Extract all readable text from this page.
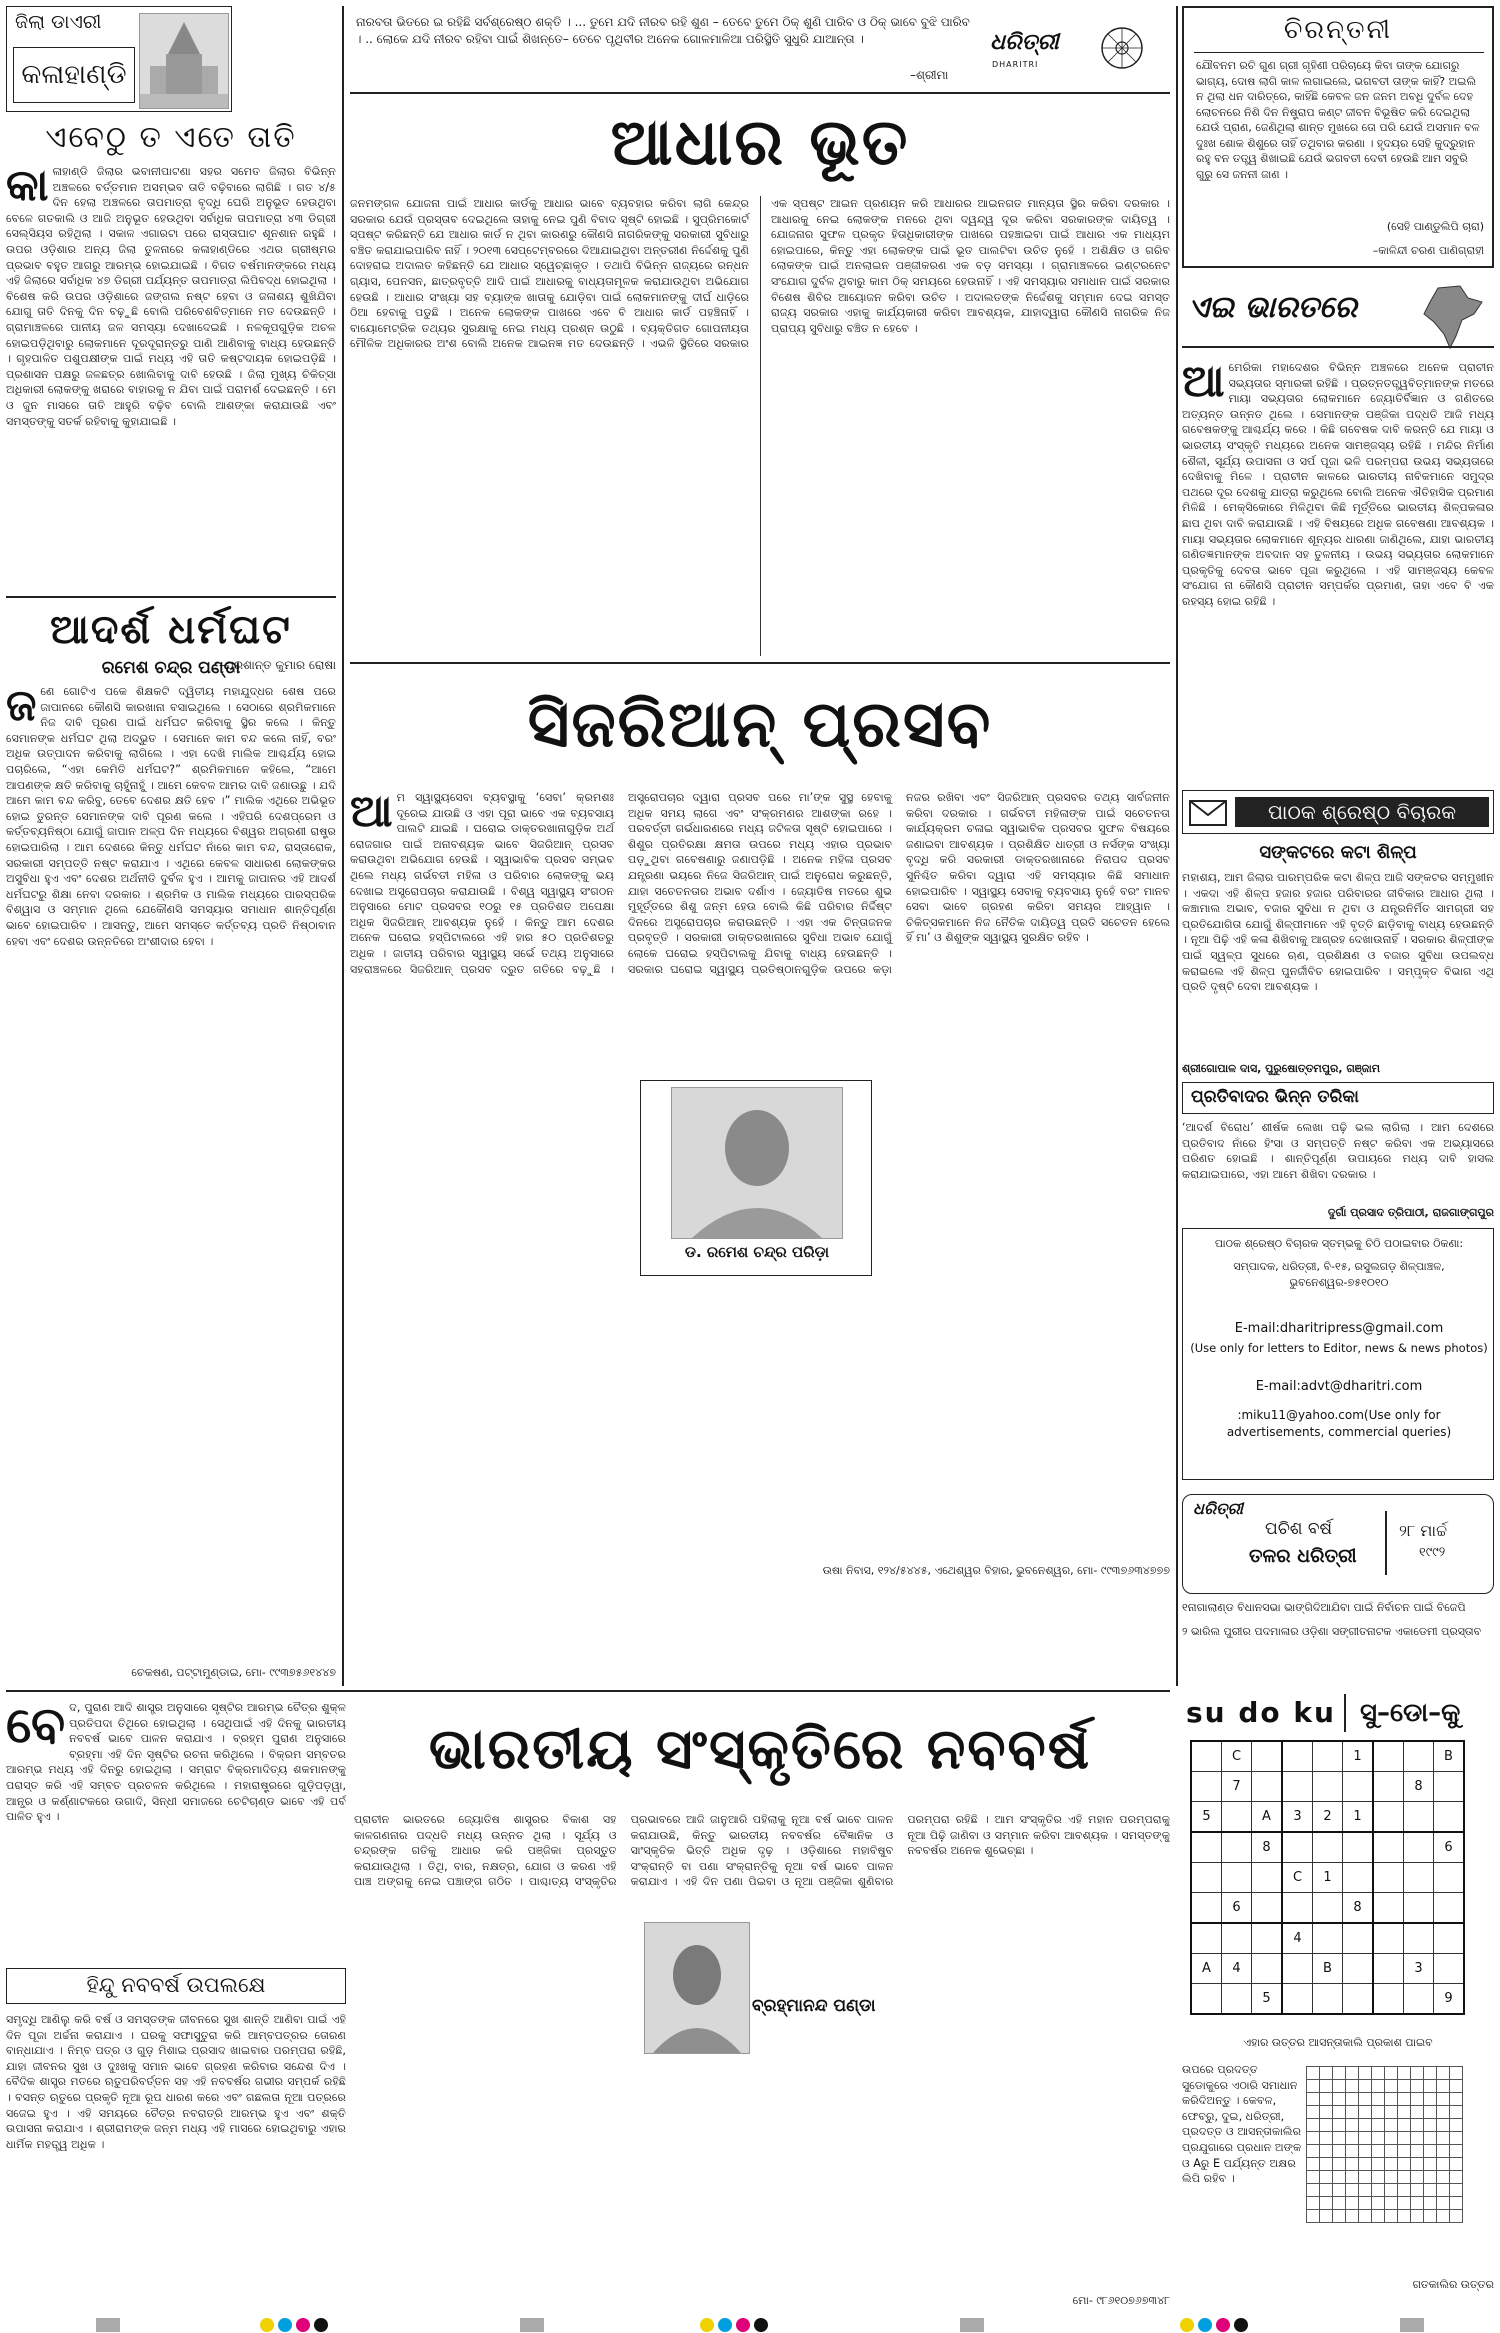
ଜିଲା ଡାଏରୀ
କଳାହାଣ୍ଡି
ଏବେଠୁ ତ ଏତେ ତାତି
କାଳାହାଣ୍ଡି ଜିଲାର ଭବାନୀପାଟଣା ସହର ସମେତ ଜିଲାର ବିଭିନ୍ନ ଅଞ୍ଚଳରେ ବର୍ତ୍ତମାନ ଅସମ୍ଭବ ତାତି ବଢ଼ିବାରେ ଲାଗିଛି । ଗତ ୪/୫ ଦିନ ହେଲା ଅଞ୍ଚଳରେ ତାପମାତ୍ରା ବୃଦ୍ଧି ଘେରି ଅନୁଭୂତ ହେଉଥିବା ବେଳେ ଗତକାଲି ଓ ଆଜି ଅନୁଭୂତ ହେଉଥିବା ସର୍ବାଧିକ ତାପମାତ୍ରା ୪୩ ଡିଗ୍ରୀ ସେଲ୍ସିୟସ ରହିଥିଲା । ସକାଳ ଏଗାରଟା ପରେ ରାସ୍ତାଘାଟ ଶୂନଶାନ ରହୁଛି । ଉପର ଓଡ଼ିଶାର ଅନ୍ୟ ଜିଲା ତୁଳନାରେ କଳାହାଣ୍ଡିରେ ଏଥର ଗ୍ରୀଷ୍ମର ପ୍ରଭାବ ବହୁତ ଆଗରୁ ଆରମ୍ଭ ହୋଇଯାଇଛି । ବିଗତ ବର୍ଷମାନଙ୍କରେ ମଧ୍ୟ ଏହି ଜିଲାରେ ସର୍ବାଧିକ ୪୭ ଡିଗ୍ରୀ ପର୍ଯ୍ୟନ୍ତ ତାପମାତ୍ରା ଲିପିବଦ୍ଧ ହୋଇଥିଲା । ବିଶେଷ କରି ଉପର ଓଡ଼ିଶାରେ ଜଙ୍ଗଲ ନଷ୍ଟ ହେବା ଓ ଜଳାଶୟ ଶୁଖିଯିବା ଯୋଗୁ ତାତି ଦିନକୁ ଦିନ ବଢ଼ୁଛି ବୋଲି ପରିବେଶବିତ୍ମାନେ ମତ ଦେଉଛନ୍ତି । ଗ୍ରାମାଞ୍ଚଳରେ ପାନୀୟ ଜଳ ସମସ୍ୟା ଦେଖାଦେଇଛି । ନଳକୂପଗୁଡ଼ିକ ଅଚଳ ହୋଇପଡ଼ିଥିବାରୁ ଲୋକମାନେ ଦୂରଦୂରାନ୍ତରୁ ପାଣି ଆଣିବାକୁ ବାଧ୍ୟ ହେଉଛନ୍ତି । ଗୃହପାଳିତ ପଶୁପକ୍ଷୀଙ୍କ ପାଇଁ ମଧ୍ୟ ଏହି ତାତି କଷ୍ଟଦାୟକ ହୋଇପଡ଼ିଛି । ପ୍ରଶାସନ ପକ୍ଷରୁ ଜଳଛତ୍ର ଖୋଲିବାକୁ ଦାବି ହେଉଛି । ଜିଲା ମୁଖ୍ୟ ଚିକିତ୍ସା ଅଧିକାରୀ ଲୋକଙ୍କୁ ଖରାରେ ବାହାରକୁ ନ ଯିବା ପାଇଁ ପରାମର୍ଶ ଦେଇଛନ୍ତି । ମେ ଓ ଜୁନ ମାସରେ ତାତି ଆହୁରି ବଢ଼ିବ ବୋଲି ଆଶଙ୍କା କରାଯାଉଛି ଏବଂ ସମସ୍ତଙ୍କୁ ସତର୍କ ରହିବାକୁ କୁହାଯାଇଛି ।
–ପ୍ରଶାନ୍ତ କୁମାର ରୋଷା
ଆଦର୍ଶ ଧର୍ମଘଟ
ରମେଶ ଚନ୍ଦ୍ର ପଣ୍ଡା
ଜଣେ ଗୋଟିଏ ପକେ ଶିକ୍ଷକଟି ଦ୍ୱିତୀୟ ମହାଯୁଦ୍ଧର ଶେଷ ପରେ ଜାପାନରେ କୌଣସି କାରଖାନା ବସାଇଥିଲେ । ସେଠାରେ ଶ୍ରମିକମାନେ ନିଜ ଦାବି ପୂରଣ ପାଇଁ ଧର୍ମଘଟ କରିବାକୁ ସ୍ଥିର କଲେ । କିନ୍ତୁ ସେମାନଙ୍କ ଧର୍ମଘଟ ଥିଲା ଅଦ୍ଭୁତ । ସେମାନେ କାମ ବନ୍ଦ କଲେ ନାହିଁ, ବରଂ ଅଧିକ ଉତ୍ପାଦନ କରିବାକୁ ଲାଗିଲେ । ଏହା ଦେଖି ମାଲିକ ଆଶ୍ଚର୍ଯ୍ୟ ହୋଇ ପଚାରିଲେ, “ଏହା କେମିତି ଧର୍ମଘଟ?” ଶ୍ରମିକମାନେ କହିଲେ, “ଆମେ ଆପଣଙ୍କ କ୍ଷତି କରିବାକୁ ଚାହୁଁନାହୁଁ । ଆମେ କେବଳ ଆମର ଦାବି ଜଣାଉଛୁ । ଯଦି ଆମେ କାମ ବନ୍ଦ କରିବୁ, ତେବେ ଦେଶର କ୍ଷତି ହେବ ।” ମାଲିକ ଏଥିରେ ଅଭିଭୂତ ହୋଇ ତୁରନ୍ତ ସେମାନଙ୍କ ଦାବି ପୂରଣ କଲେ । ଏହିପରି ଦେଶପ୍ରେମ ଓ କର୍ତ୍ତବ୍ୟନିଷ୍ଠା ଯୋଗୁଁ ଜାପାନ ଅଳ୍ପ ଦିନ ମଧ୍ୟରେ ବିଶ୍ୱର ଅଗ୍ରଣୀ ରାଷ୍ଟ୍ର ହୋଇପାରିଲା । ଆମ ଦେଶରେ କିନ୍ତୁ ଧର୍ମଘଟ ନାଁରେ କାମ ବନ୍ଦ, ରାସ୍ତାରୋକ, ସରକାରୀ ସମ୍ପତ୍ତି ନଷ୍ଟ କରାଯାଏ । ଏଥିରେ କେବଳ ସାଧାରଣ ଲୋକଙ୍କର ଅସୁବିଧା ହୁଏ ଏବଂ ଦେଶର ଅର୍ଥନୀତି ଦୁର୍ବଳ ହୁଏ । ଆମକୁ ଜାପାନର ଏହି ଆଦର୍ଶ ଧର୍ମଘଟରୁ ଶିକ୍ଷା ନେବା ଦରକାର । ଶ୍ରମିକ ଓ ମାଲିକ ମଧ୍ୟରେ ପାରସ୍ପରିକ ବିଶ୍ୱାସ ଓ ସମ୍ମାନ ଥିଲେ ଯେକୌଣସି ସମସ୍ୟାର ସମାଧାନ ଶାନ୍ତିପୂର୍ଣ୍ଣ ଭାବେ ହୋଇପାରିବ । ଆସନ୍ତୁ, ଆମେ ସମସ୍ତେ କର୍ତ୍ତବ୍ୟ ପ୍ରତି ନିଷ୍ଠାବାନ ହେବା ଏବଂ ଦେଶର ଉନ୍ନତିରେ ଅଂଶୀଦାର ହେବା ।
ଚେକଷଣ, ପଟ୍ଟାମୁଣ୍ଡାଇ, ମୋ- ୯୯୩୭୫୬୧୪୪୭
ନାରବତା ଭିତରେ ଇ ରହିଛି ସର୍ବଶ୍ରେଷ୍ଠ ଶକ୍ତି । ... ତୁମେ ଯଦି ନୀରବ ରହି ଶୁଣ – ତେବେ ତୁମେ ଠିକ୍ ଶୁଣି ପାରିବ ଓ ଠିକ୍ ଭାବେ ବୁଝି ପାରିବ । .. ଲୋକେ ଯଦି ନୀରବ ରହିବା ପାଇଁ ଶିଖନ୍ତେ– ତେବେ ପୃଥିବୀର ଅନେକ ଗୋଳମାଳିଆ ପରିସ୍ଥିତି ସୁଧୁରି ଯାଆନ୍ତା ।
–ଶ୍ରୀମା
ଧରିତ୍ରୀ
DHARITRI
ଆଧାର ଭୂତ
ଜନମଙ୍ଗଳ ଯୋଜନା ପାଇଁ ଆଧାର କାର୍ଡକୁ ଆଧାର ଭାବେ ବ୍ୟବହାର କରିବା ଲାଗି କେନ୍ଦ୍ର ସରକାର ଯେଉଁ ପ୍ରସ୍ତାବ ଦେଇଥିଲେ ତାହାକୁ ନେଇ ପୁଣି ବିବାଦ ସୃଷ୍ଟି ହୋଇଛି । ସୁପ୍ରିମକୋର୍ଟ ସ୍ପଷ୍ଟ କରିଛନ୍ତି ଯେ ଆଧାର କାର୍ଡ ନ ଥିବା କାରଣରୁ କୌଣସି ନାଗରିକଙ୍କୁ ସରକାରୀ ସୁବିଧାରୁ ବଞ୍ଚିତ କରାଯାଇପାରିବ ନାହିଁ । ୨୦୧୩ ସେପ୍ଟେମ୍ବରରେ ଦିଆଯାଇଥିବା ଅନ୍ତରୀଣ ନିର୍ଦ୍ଦେଶକୁ ପୁଣି ଦୋହରାଇ ଅଦାଲତ କହିଛନ୍ତି ଯେ ଆଧାର ସ୍ୱେଚ୍ଛାକୃତ । ତଥାପି ବିଭିନ୍ନ ରାଜ୍ୟରେ ରନ୍ଧନ ଗ୍ୟାସ, ପେନସନ, ଛାତ୍ରବୃତ୍ତି ଆଦି ପାଇଁ ଆଧାରକୁ ବାଧ୍ୟତାମୂଳକ କରାଯାଉଥିବା ଅଭିଯୋଗ ହେଉଛି । ଆଧାର ସଂଖ୍ୟା ସହ ବ୍ୟାଙ୍କ ଖାତାକୁ ଯୋଡ଼ିବା ପାଇଁ ଲୋକମାନଙ୍କୁ ଦୀର୍ଘ ଧାଡ଼ିରେ ଠିଆ ହେବାକୁ ପଡୁଛି । ଅନେକ ଲୋକଙ୍କ ପାଖରେ ଏବେ ବି ଆଧାର କାର୍ଡ ପହଞ୍ଚିନାହିଁ । ବାୟୋମେଟ୍ରିକ ତଥ୍ୟର ସୁରକ୍ଷାକୁ ନେଇ ମଧ୍ୟ ପ୍ରଶ୍ନ ଉଠୁଛି । ବ୍ୟକ୍ତିଗତ ଗୋପନୀୟତା ମୌଳିକ ଅଧିକାରର ଅଂଶ ବୋଲି ଅନେକ ଆଇନଜ୍ଞ ମତ ଦେଉଛନ୍ତି । ଏଭଳି ସ୍ଥିତିରେ ସରକାର ଏକ ସ୍ପଷ୍ଟ ଆଇନ ପ୍ରଣୟନ କରି ଆଧାରର ଆଇନଗତ ମାନ୍ୟତା ସ୍ଥିର କରିବା ଦରକାର । ଆଧାରକୁ ନେଇ ଲୋକଙ୍କ ମନରେ ଥିବା ଦ୍ୱନ୍ଦ୍ୱ ଦୂର କରିବା ସରକାରଙ୍କ ଦାୟିତ୍ୱ । ଯୋଜନାର ସୁଫଳ ପ୍ରକୃତ ହିତାଧିକାରୀଙ୍କ ପାଖରେ ପହଞ୍ଚାଇବା ପାଇଁ ଆଧାର ଏକ ମାଧ୍ୟମ ହୋଇପାରେ, କିନ୍ତୁ ଏହା ଲୋକଙ୍କ ପାଇଁ ଭୂତ ପାଲଟିବା ଉଚିତ ନୁହେଁ । ଅଶିକ୍ଷିତ ଓ ଗରିବ ଲୋକଙ୍କ ପାଇଁ ଅନଲାଇନ ପଞ୍ଜୀକରଣ ଏକ ବଡ଼ ସମସ୍ୟା । ଗ୍ରାମାଞ୍ଚଳରେ ଇଣ୍ଟରନେଟ ସଂଯୋଗ ଦୁର୍ବଳ ଥିବାରୁ କାମ ଠିକ୍ ସମୟରେ ହେଉନାହିଁ । ଏହି ସମସ୍ୟାର ସମାଧାନ ପାଇଁ ସରକାର ବିଶେଷ ଶିବିର ଆୟୋଜନ କରିବା ଉଚିତ । ଅଦାଲତଙ୍କ ନିର୍ଦ୍ଦେଶକୁ ସମ୍ମାନ ଦେଇ ସମସ୍ତ ରାଜ୍ୟ ସରକାର ଏହାକୁ କାର୍ଯ୍ୟକାରୀ କରିବା ଆବଶ୍ୟକ, ଯାହାଦ୍ୱାରା କୌଣସି ନାଗରିକ ନିଜ ପ୍ରାପ୍ୟ ସୁବିଧାରୁ ବଞ୍ଚିତ ନ ହେବେ ।
ସିଜରିଆନ୍ ପ୍ରସବ
ଆମ ସ୍ୱାସ୍ଥ୍ୟସେବା ବ୍ୟବସ୍ଥାକୁ ‘ସେବା’ କ୍ରମଶଃ ଦୂରେଇ ଯାଉଛି ଓ ଏହା ପୂରା ଭାବେ ଏକ ବ୍ୟବସାୟ ପାଲଟି ଯାଇଛି । ଘରୋଇ ଡାକ୍ତରଖାନାଗୁଡ଼ିକ ଅର୍ଥ ରୋଜଗାର ପାଇଁ ଅନାବଶ୍ୟକ ଭାବେ ସିଜରିଆନ୍ ପ୍ରସବ କରାଉଥିବା ଅଭିଯୋଗ ହେଉଛି । ସ୍ୱାଭାବିକ ପ୍ରସବ ସମ୍ଭବ ଥିଲେ ମଧ୍ୟ ଗର୍ଭବତୀ ମହିଳା ଓ ପରିବାର ଲୋକଙ୍କୁ ଭୟ ଦେଖାଇ ଅସ୍ତ୍ରୋପଚାର କରାଯାଉଛି । ବିଶ୍ୱ ସ୍ୱାସ୍ଥ୍ୟ ସଂଗଠନ ଅନୁସାରେ ମୋଟ ପ୍ରସବର ୧୦ରୁ ୧୫ ପ୍ରତିଶତ ଅପେକ୍ଷା ଅଧିକ ସିଜରିଆନ୍ ଆବଶ୍ୟକ ନୁହେଁ । କିନ୍ତୁ ଆମ ଦେଶର ଅନେକ ଘରୋଇ ହସ୍ପିଟାଲରେ ଏହି ହାର ୫୦ ପ୍ରତିଶତରୁ ଅଧିକ । ଜାତୀୟ ପରିବାର ସ୍ୱାସ୍ଥ୍ୟ ସର୍ଭେ ତଥ୍ୟ ଅନୁସାରେ ସହରାଞ୍ଚଳରେ ସିଜରିଆନ୍ ପ୍ରସବ ଦ୍ରୁତ ଗତିରେ ବଢ଼ୁଛି । ଅସ୍ତ୍ରୋପଚାର ଦ୍ୱାରା ପ୍ରସବ ପରେ ମା’ଙ୍କ ସୁସ୍ଥ ହେବାକୁ ଅଧିକ ସମୟ ଲାଗେ ଏବଂ ସଂକ୍ରମଣର ଆଶଙ୍କା ରହେ । ପରବର୍ତ୍ତୀ ଗର୍ଭଧାରଣରେ ମଧ୍ୟ ଜଟିଳତା ସୃଷ୍ଟି ହୋଇପାରେ । ଶିଶୁର ପ୍ରତିରକ୍ଷା କ୍ଷମତା ଉପରେ ମଧ୍ୟ ଏହାର ପ୍ରଭାବ ପଡ଼ୁଥିବା ଗବେଷଣାରୁ ଜଣାପଡ଼ିଛି । ଅନେକ ମହିଳା ପ୍ରସବ ଯନ୍ତ୍ରଣା ଭୟରେ ନିଜେ ସିଜରିଆନ୍ ପାଇଁ ଅନୁରୋଧ କରୁଛନ୍ତି, ଯାହା ସଚେତନତାର ଅଭାବ ଦର୍ଶାଏ । ଜ୍ୟୋତିଷ ମତରେ ଶୁଭ ମୁହୂର୍ତ୍ତରେ ଶିଶୁ ଜନ୍ମ ହେଉ ବୋଲି କିଛି ପରିବାର ନିର୍ଦ୍ଦିଷ୍ଟ ଦିନରେ ଅସ୍ତ୍ରୋପଚାର କରାଉଛନ୍ତି । ଏହା ଏକ ଚିନ୍ତାଜନକ ପ୍ରବୃତ୍ତି । ସରକାରୀ ଡାକ୍ତରଖାନାରେ ସୁବିଧା ଅଭାବ ଯୋଗୁଁ ଲୋକେ ଘରୋଇ ହସ୍ପିଟାଲକୁ ଯିବାକୁ ବାଧ୍ୟ ହେଉଛନ୍ତି । ସରକାର ଘରୋଇ ସ୍ୱାସ୍ଥ୍ୟ ପ୍ରତିଷ୍ଠାନଗୁଡ଼ିକ ଉପରେ କଡ଼ା ନଜର ରଖିବା ଏବଂ ସିଜରିଆନ୍ ପ୍ରସବର ତଥ୍ୟ ସାର୍ବଜନୀନ କରିବା ଦରକାର । ଗର୍ଭବତୀ ମହିଳାଙ୍କ ପାଇଁ ସଚେତନତା କାର୍ଯ୍ୟକ୍ରମ ଚଳାଇ ସ୍ୱାଭାବିକ ପ୍ରସବର ସୁଫଳ ବିଷୟରେ ଜଣାଇବା ଆବଶ୍ୟକ । ପ୍ରଶିକ୍ଷିତ ଧାତ୍ରୀ ଓ ନର୍ସଙ୍କ ସଂଖ୍ୟା ବୃଦ୍ଧି କରି ସରକାରୀ ଡାକ୍ତରଖାନାରେ ନିରାପଦ ପ୍ରସବ ସୁନିଶ୍ଚିତ କରିବା ଦ୍ୱାରା ଏହି ସମସ୍ୟାର କିଛି ସମାଧାନ ହୋଇପାରିବ । ସ୍ୱାସ୍ଥ୍ୟ ସେବାକୁ ବ୍ୟବସାୟ ନୁହେଁ ବରଂ ମାନବ ସେବା ଭାବେ ଗ୍ରହଣ କରିବା ସମୟର ଆହ୍ୱାନ । ଚିକିତ୍ସକମାନେ ନିଜ ନୈତିକ ଦାୟିତ୍ୱ ପ୍ରତି ସଚେତନ ହେଲେ ହିଁ ମା’ ଓ ଶିଶୁଙ୍କ ସ୍ୱାସ୍ଥ୍ୟ ସୁରକ୍ଷିତ ରହିବ ।
ଡ. ରମେଶ ଚନ୍ଦ୍ର ପରିଡ଼ା
ଉଷା ନିବାସ, ୧୨୪/୫୪୪୫, ଏଥେଶ୍ୱର ବିହାର, ଭୁବନେଶ୍ୱର, ମୋ- ୯୯୩୭୬୩୪୭୭୭
ବେଦ, ପୁରାଣ ଆଦି ଶାସ୍ତ୍ର ଅନୁସାରେ ସୃଷ୍ଟିର ଆରମ୍ଭ ଚୈତ୍ର ଶୁକ୍ଳ ପ୍ରତିପଦା ତିଥିରେ ହୋଇଥିଲା । ସେଥିପାଇଁ ଏହି ଦିନକୁ ଭାରତୀୟ ନବବର୍ଷ ଭାବେ ପାଳନ କରାଯାଏ । ବ୍ରହ୍ମ ପୁରାଣ ଅନୁସାରେ ବ୍ରହ୍ମା ଏହି ଦିନ ସୃଷ୍ଟିର ରଚନା କରିଥିଲେ । ବିକ୍ରମ ସମ୍ବତର ଆରମ୍ଭ ମଧ୍ୟ ଏହି ଦିନରୁ ହୋଇଥିଲା । ସମ୍ରାଟ ବିକ୍ରମାଦିତ୍ୟ ଶକମାନଙ୍କୁ ପରାସ୍ତ କରି ଏହି ସମ୍ବତ ପ୍ରଚଳନ କରିଥିଲେ । ମହାରାଷ୍ଟ୍ରରେ ଗୁଡ଼ିପଡ଼ୱା, ଆନ୍ଧ୍ର ଓ କର୍ଣ୍ଣାଟକରେ ଉଗାଦି, ସିନ୍ଧୀ ସମାଜରେ ଚେଟିଚାଣ୍ଡ ଭାବେ ଏହି ପର୍ବ ପାଳିତ ହୁଏ ।
ଭାରତୀୟ ସଂସ୍କୃତିରେ ନବବର୍ଷ
ହିନ୍ଦୁ ନବବର୍ଷ ଉପଲକ୍ଷେ
ସମୃଦ୍ଧି ଆଣିଲୁ କରି ବର୍ଷ ଓ ସମସ୍ତଙ୍କ ଜୀବନରେ ସୁଖ ଶାନ୍ତି ଆଣିବା ପାଇଁ ଏହି ଦିନ ପୂଜା ଅର୍ଚ୍ଚନା କରାଯାଏ । ଘରକୁ ସଫାସୁତୁରା କରି ଆମ୍ବପତ୍ରର ତୋରଣ ବାନ୍ଧାଯାଏ । ନିମ୍ବ ପତ୍ର ଓ ଗୁଡ଼ ମିଶାଇ ପ୍ରସାଦ ଖାଇବାର ପରମ୍ପରା ରହିଛି, ଯାହା ଜୀବନର ସୁଖ ଓ ଦୁଃଖକୁ ସମାନ ଭାବେ ଗ୍ରହଣ କରିବାର ସନ୍ଦେଶ ଦିଏ । ବୈଦିକ ଶାସ୍ତ୍ର ମତରେ ଋତୁପରିବର୍ତ୍ତନ ସହ ଏହି ନବବର୍ଷର ଗଭୀର ସମ୍ପର୍କ ରହିଛି । ବସନ୍ତ ଋତୁରେ ପ୍ରକୃତି ନୂଆ ରୂପ ଧାରଣ କରେ ଏବଂ ଗଛଲତା ନୂଆ ପତ୍ରରେ ସଜେଇ ହୁଏ । ଏହି ସମୟରେ ଚୈତ୍ର ନବରାତ୍ରି ଆରମ୍ଭ ହୁଏ ଏବଂ ଶକ୍ତି ଉପାସନା କରାଯାଏ । ଶ୍ରୀରାମଙ୍କ ଜନ୍ମ ମଧ୍ୟ ଏହି ମାସରେ ହୋଇଥିବାରୁ ଏହାର ଧାର୍ମିକ ମହତ୍ତ୍ୱ ଅଧିକ ।
ପ୍ରାଚୀନ ଭାରତରେ ଜ୍ୟୋତିଷ ଶାସ୍ତ୍ରର ବିକାଶ ସହ କାଳଗଣନାର ପଦ୍ଧତି ମଧ୍ୟ ଉନ୍ନତ ଥିଲା । ସୂର୍ଯ୍ୟ ଓ ଚନ୍ଦ୍ରଙ୍କ ଗତିକୁ ଆଧାର କରି ପଞ୍ଜିକା ପ୍ରସ୍ତୁତ କରାଯାଉଥିଲା । ତିଥି, ବାର, ନକ୍ଷତ୍ର, ଯୋଗ ଓ କରଣ ଏହି ପାଞ୍ଚ ଅଙ୍ଗକୁ ନେଇ ପଞ୍ଚାଙ୍ଗ ଗଠିତ । ପାଶ୍ଚାତ୍ୟ ସଂସ୍କୃତିର ପ୍ରଭାବରେ ଆଜି ଜାନୁଆରି ପହିଲାକୁ ନୂଆ ବର୍ଷ ଭାବେ ପାଳନ କରାଯାଉଛି, କିନ୍ତୁ ଭାରତୀୟ ନବବର୍ଷର ବୈଜ୍ଞାନିକ ଓ ସାଂସ୍କୃତିକ ଭିତ୍ତି ଅଧିକ ଦୃଢ଼ । ଓଡ଼ିଶାରେ ମହାବିଷୁବ ସଂକ୍ରାନ୍ତି ବା ପଣା ସଂକ୍ରାନ୍ତିକୁ ନୂଆ ବର୍ଷ ଭାବେ ପାଳନ କରାଯାଏ । ଏହି ଦିନ ପଣା ପିଇବା ଓ ନୂଆ ପଞ୍ଜିକା ଶୁଣିବାର ପରମ୍ପରା ରହିଛି । ଆମ ସଂସ୍କୃତିର ଏହି ମହାନ ପରମ୍ପରାକୁ ନୂଆ ପିଢ଼ି ଜାଣିବା ଓ ସମ୍ମାନ କରିବା ଆବଶ୍ୟକ । ସମସ୍ତଙ୍କୁ ନବବର୍ଷର ଅନେକ ଶୁଭେଚ୍ଛା ।
ବ୍ରହ୍ମାନନ୍ଦ ପଣ୍ଡା
ମୋ- ୯୮୬୧୦୭୬୭୩୪୮
ଚିରନ୍ତନୀ
ଯୌବନମ ରଚି ଗୁଣ ଗ୍ରୀ ଗୃହିଣୀ ପରିଚାୟେ କିବା ତାଙ୍କ ଯୋଗରୁ ଭାଗ୍ୟ, ଦୋଷ ଲାଗି କାଳ ଲଗାଇଲେ, ଭଗବତୀ ତାଙ୍କ କାହିଁ? ଅଇଲି ନ ଥିଲା ଧନ ଦାରିତ୍ରେ, କାହିଁଛି କେବଳ ଜନ ଜନମ ଅବଧି ଦୁର୍ବଳ ଦେହ ଲୋଚନରେ ନିଶି ଦିନ ନିଷ୍ଟ୍ରାପ କଣ୍ଟ ଜୀବନ ବିଭୂଷିତ କରି ଦେଇଥିଲା ଯେଉଁ ପ୍ରାଣ, ଜେଣିଥିଲା ଶାନ୍ତ ମୁଖରେ ତୋ ପରି ଯେଉଁ ଅସମାନ ବଳ ଦୁଃଖ ଶୋକ ଶିଶୁରେ ତାହିଁ ତଥିବାର କରଣା । ହୃଦୟର ସେହି କୁଦ୍ରୁହାନ ରହୁ ବନ ତତ୍ତ୍ୱ ଶିଖାଇଛି ଯେଉଁ ଭଗବତୀ ଦେବୀ ହେଉଛି ଆମ ସବୁରି ଗୁରୁ ସେ ଜନନୀ ଜାଣ ।
(ସେହି ପାଣ୍ଡୁଲିପି ଚାରା)
–କାଳିନ୍ଦୀ ଚରଣ ପାଣିଗ୍ରାହୀ
ଏଇ ଭାରତରେ
ଆମେରିକା ମହାଦେଶର ବିଭିନ୍ନ ଅଞ୍ଚଳରେ ଅନେକ ପ୍ରାଚୀନ ସଭ୍ୟତାର ସ୍ମାରକୀ ରହିଛି । ପ୍ରତ୍ନତତ୍ତ୍ୱବିତ୍ମାନଙ୍କ ମତରେ ମାୟା ସଭ୍ୟତାର ଲୋକମାନେ ଜ୍ୟୋତିର୍ବିଜ୍ଞାନ ଓ ଗଣିତରେ ଅତ୍ୟନ୍ତ ଉନ୍ନତ ଥିଲେ । ସେମାନଙ୍କ ପଞ୍ଜିକା ପଦ୍ଧତି ଆଜି ମଧ୍ୟ ଗବେଷକଙ୍କୁ ଆଶ୍ଚର୍ଯ୍ୟ କରେ । କିଛି ଗବେଷକ ଦାବି କରନ୍ତି ଯେ ମାୟା ଓ ଭାରତୀୟ ସଂସ୍କୃତି ମଧ୍ୟରେ ଅନେକ ସାମଞ୍ଜସ୍ୟ ରହିଛି । ମନ୍ଦିର ନିର୍ମାଣ ଶୈଳୀ, ସୂର୍ଯ୍ୟ ଉପାସନା ଓ ସର୍ପ ପୂଜା ଭଳି ପରମ୍ପରା ଉଭୟ ସଭ୍ୟତାରେ ଦେଖିବାକୁ ମିଳେ । ପ୍ରାଚୀନ କାଳରେ ଭାରତୀୟ ନାବିକମାନେ ସମୁଦ୍ର ପଥରେ ଦୂର ଦେଶକୁ ଯାତ୍ରା କରୁଥିଲେ ବୋଲି ଅନେକ ଐତିହାସିକ ପ୍ରମାଣ ମିଳିଛି । ମେକ୍ସିକୋରେ ମିଳିଥିବା କିଛି ମୂର୍ତ୍ତିରେ ଭାରତୀୟ ଶିଳ୍ପକଳାର ଛାପ ଥିବା ଦାବି କରାଯାଉଛି । ଏହି ବିଷୟରେ ଅଧିକ ଗବେଷଣା ଆବଶ୍ୟକ । ମାୟା ସଭ୍ୟତାର ଲୋକମାନେ ଶୂନ୍ୟର ଧାରଣା ଜାଣିଥିଲେ, ଯାହା ଭାରତୀୟ ଗଣିତଜ୍ଞମାନଙ୍କ ଅବଦାନ ସହ ତୁଳନୀୟ । ଉଭୟ ସଭ୍ୟତାର ଲୋକମାନେ ପ୍ରକୃତିକୁ ଦେବତା ଭାବେ ପୂଜା କରୁଥିଲେ । ଏହି ସାମଞ୍ଜସ୍ୟ କେବଳ ସଂଯୋଗ ନା କୌଣସି ପ୍ରାଚୀନ ସମ୍ପର୍କର ପ୍ରମାଣ, ତାହା ଏବେ ବି ଏକ ରହସ୍ୟ ହୋଇ ରହିଛି ।
ପାଠକ ଶ୍ରେଷ୍ଠ ବିଚାରକ
ସଙ୍କଟରେ କଟା ଶିଳ୍ପ
ମହାଶୟ, ଆମ ଜିଲାର ପାରମ୍ପରିକ କଟା ଶିଳ୍ପ ଆଜି ସଙ୍କଟର ସମ୍ମୁଖୀନ । ଏକଦା ଏହି ଶିଳ୍ପ ହଜାର ହଜାର ପରିବାରର ଜୀବିକାର ଆଧାର ଥିଲା । କଞ୍ଚାମାଲ ଅଭାବ, ବଜାର ସୁବିଧା ନ ଥିବା ଓ ଯନ୍ତ୍ରନିର୍ମିତ ସାମଗ୍ରୀ ସହ ପ୍ରତିଯୋଗିତା ଯୋଗୁଁ ଶିଳ୍ପୀମାନେ ଏହି ବୃତ୍ତି ଛାଡ଼ିବାକୁ ବାଧ୍ୟ ହେଉଛନ୍ତି । ନୂଆ ପିଢ଼ି ଏହି କଳା ଶିଖିବାକୁ ଆଗ୍ରହ ଦେଖାଉନାହିଁ । ସରକାର ଶିଳ୍ପୀଙ୍କ ପାଇଁ ସ୍ୱଳ୍ପ ସୁଧରେ ଋଣ, ପ୍ରଶିକ୍ଷଣ ଓ ବଜାର ସୁବିଧା ଉପଲବ୍ଧ କରାଇଲେ ଏହି ଶିଳ୍ପ ପୁନର୍ଜୀବିତ ହୋଇପାରିବ । ସମ୍ପୃକ୍ତ ବିଭାଗ ଏଥି ପ୍ରତି ଦୃଷ୍ଟି ଦେବା ଆବଶ୍ୟକ ।
ଶ୍ରୀଗୋପାଳ ଦାସ, ପୁରୁଷୋତ୍ତମପୁର, ଗଞ୍ଜାମ
ପ୍ରତିବାଦର ଭିନ୍ନ ତରିକା
‘ଆଦର୍ଶ ବିରୋଧ’ ଶୀର୍ଷକ ଲେଖା ପଢ଼ି ଭଲ ଲାଗିଲା । ଆମ ଦେଶରେ ପ୍ରତିବାଦ ନାଁରେ ହିଂସା ଓ ସମ୍ପତ୍ତି ନଷ୍ଟ କରିବା ଏକ ଅଭ୍ୟାସରେ ପରିଣତ ହୋଇଛି । ଶାନ୍ତିପୂର୍ଣ୍ଣ ଉପାୟରେ ମଧ୍ୟ ଦାବି ହାସଲ କରାଯାଇପାରେ, ଏହା ଆମେ ଶିଖିବା ଦରକାର ।
ଦୁର୍ଗା ପ୍ରସାଦ ତ୍ରିପାଠୀ, ରାଜଗାଙ୍ଗପୁର
ପାଠକ ଶ୍ରେଷ୍ଠ ବିଚାରକ ସ୍ତମ୍ଭକୁ ଚିଠି ପଠାଇବାର ଠିକଣା:
ସମ୍ପାଦକ, ଧରିତ୍ରୀ, ବି-୧୫, ରସୁଲଗଡ଼ ଶିଳ୍ପାଞ୍ଚଳ, ଭୁବନେଶ୍ୱର-୭୫୧୦୧୦
E-mail:dharitripress@gmail.com
(Use only for letters to Editor, news & news photos)
E-mail:advt@dharitri.com
:miku11@yahoo.com(Use only for advertisements, commercial queries)
ଧରିତ୍ରୀ
ପଚିଶ ବର୍ଷ
ତଳର ଧରିତ୍ରୀ
୨୮ ମାର୍ଚ୍ଚ
୧୯୯୨
୧ନାଗାଲାଣ୍ଡ ବିଧାନସଭା ଭାଙ୍ଗିଦିଆଯିବା ପାଇଁ ନିର୍ବାଚନ ପାଇଁ ବିଜେପି
୨ ଭାରିଲ ପୁରୀର ପଦମାଳାର ଓଡ଼ିଶା ସଙ୍ଗୀତନାଟକ ଏକାଡେମୀ ପ୍ରସ୍ତାବ
su do ku ସୁ–ଡୋ–କୁ
	C				1			B
	7						8	
5		A	3	2	1			
		8						6
			C	1				
	6				8			
			4					
A	4			B			3	
		5						9
ଏହାର ଉତ୍ତର ଆସନ୍ତାକାଲି ପ୍ରକାଶ ପାଇବ
ଉପରେ ପ୍ରଦତ୍ତ ସୁଡୋକୁରେ ଏଠାରି ସମାଧାନ କରିଦିଅନ୍ତୁ । କେବଳ, ଫେବ୍ରୁ, ଦୁଇ, ଧରିତ୍ରୀ, ପ୍ରଦତ୍ତ ଓ ଆସନ୍ତାକାଲିର ପ୍ରଯୁଗାରେ ପ୍ରଧାନ ଅଙ୍କ ଓ Aରୁ E ପର୍ଯ୍ୟନ୍ତ ଅକ୍ଷର ଲିପି ରହିବ ।

ଗତକାଲିର ଉତ୍ତର
